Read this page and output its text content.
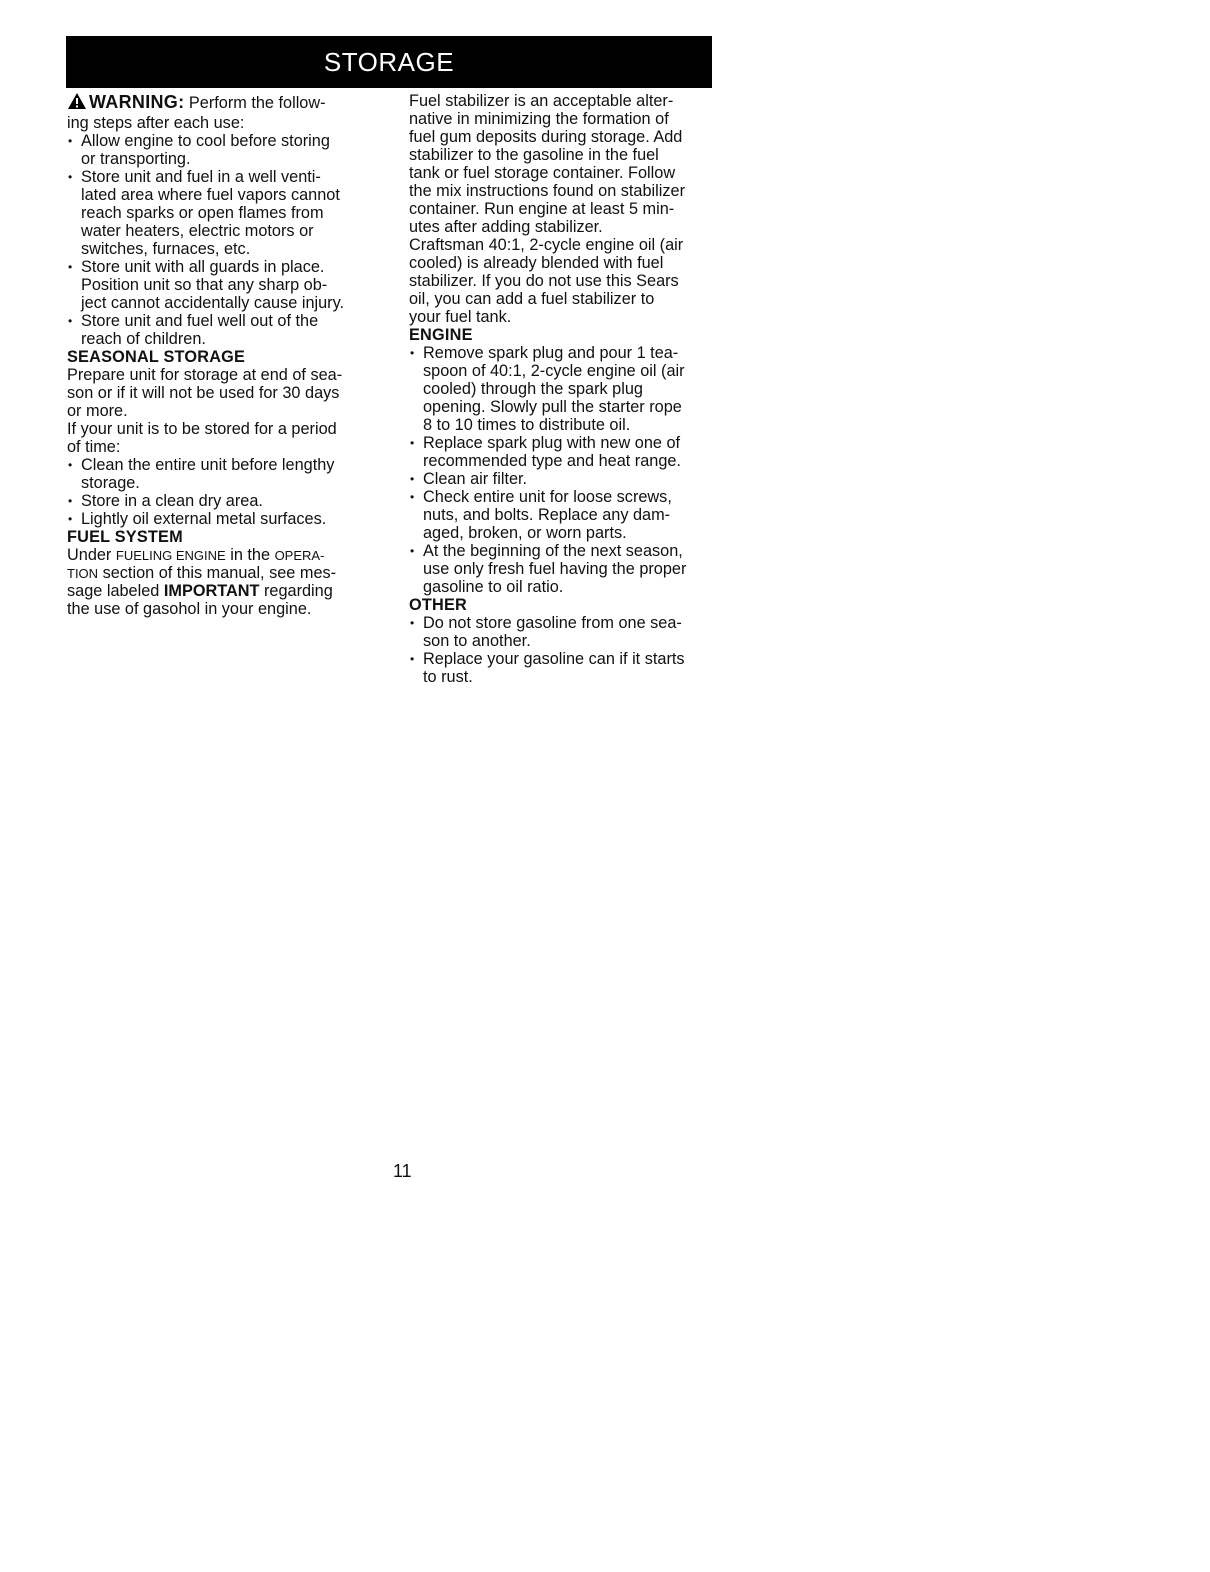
STORAGE
WARNING: Perform the follow-
ing steps after each use:
• Allow engine to cool before storing
or transporting.
• Store unit and fuel in a well venti-
lated area where fuel vapors cannot
reach sparks or open flames from
water heaters, electric motors or
switches, furnaces, etc.
• Store unit with all guards in place.
Position unit so that any sharp ob-
ject cannot accidentally cause injury.
• Store unit and fuel well out of the
reach of children.
SEASONAL STORAGE
Prepare unit for storage at end of sea-
son or if it will not be used for 30 days
or more.
If your unit is to be stored for a period
of time:
• Clean the entire unit before lengthy
storage.
• Store in a clean dry area.
• Lightly oil external metal surfaces.
FUEL SYSTEM
Under FUELING ENGINE in the OPERA-
TION section of this manual, see mes-
sage labeled IMPORTANT regarding
the use of gasohol in your engine.
Fuel stabilizer is an acceptable alter-
native in minimizing the formation of
fuel gum deposits during storage. Add
stabilizer to the gasoline in the fuel
tank or fuel storage container. Follow
the mix instructions found on stabilizer
container. Run engine at least 5 min-
utes after adding stabilizer.
Craftsman 40:1, 2-cycle engine oil (air
cooled) is already blended with fuel
stabilizer. If you do not use this Sears
oil, you can add a fuel stabilizer to
your fuel tank.
ENGINE
• Remove spark plug and pour 1 tea-
spoon of 40:1, 2-cycle engine oil (air
cooled) through the spark plug
opening. Slowly pull the starter rope
8 to 10 times to distribute oil.
• Replace spark plug with new one of
recommended type and heat range.
• Clean air filter.
• Check entire unit for loose screws,
nuts, and bolts. Replace any dam-
aged, broken, or worn parts.
• At the beginning of the next season,
use only fresh fuel having the proper
gasoline to oil ratio.
OTHER
• Do not store gasoline from one sea-
son to another.
• Replace your gasoline can if it starts
to rust.
11
